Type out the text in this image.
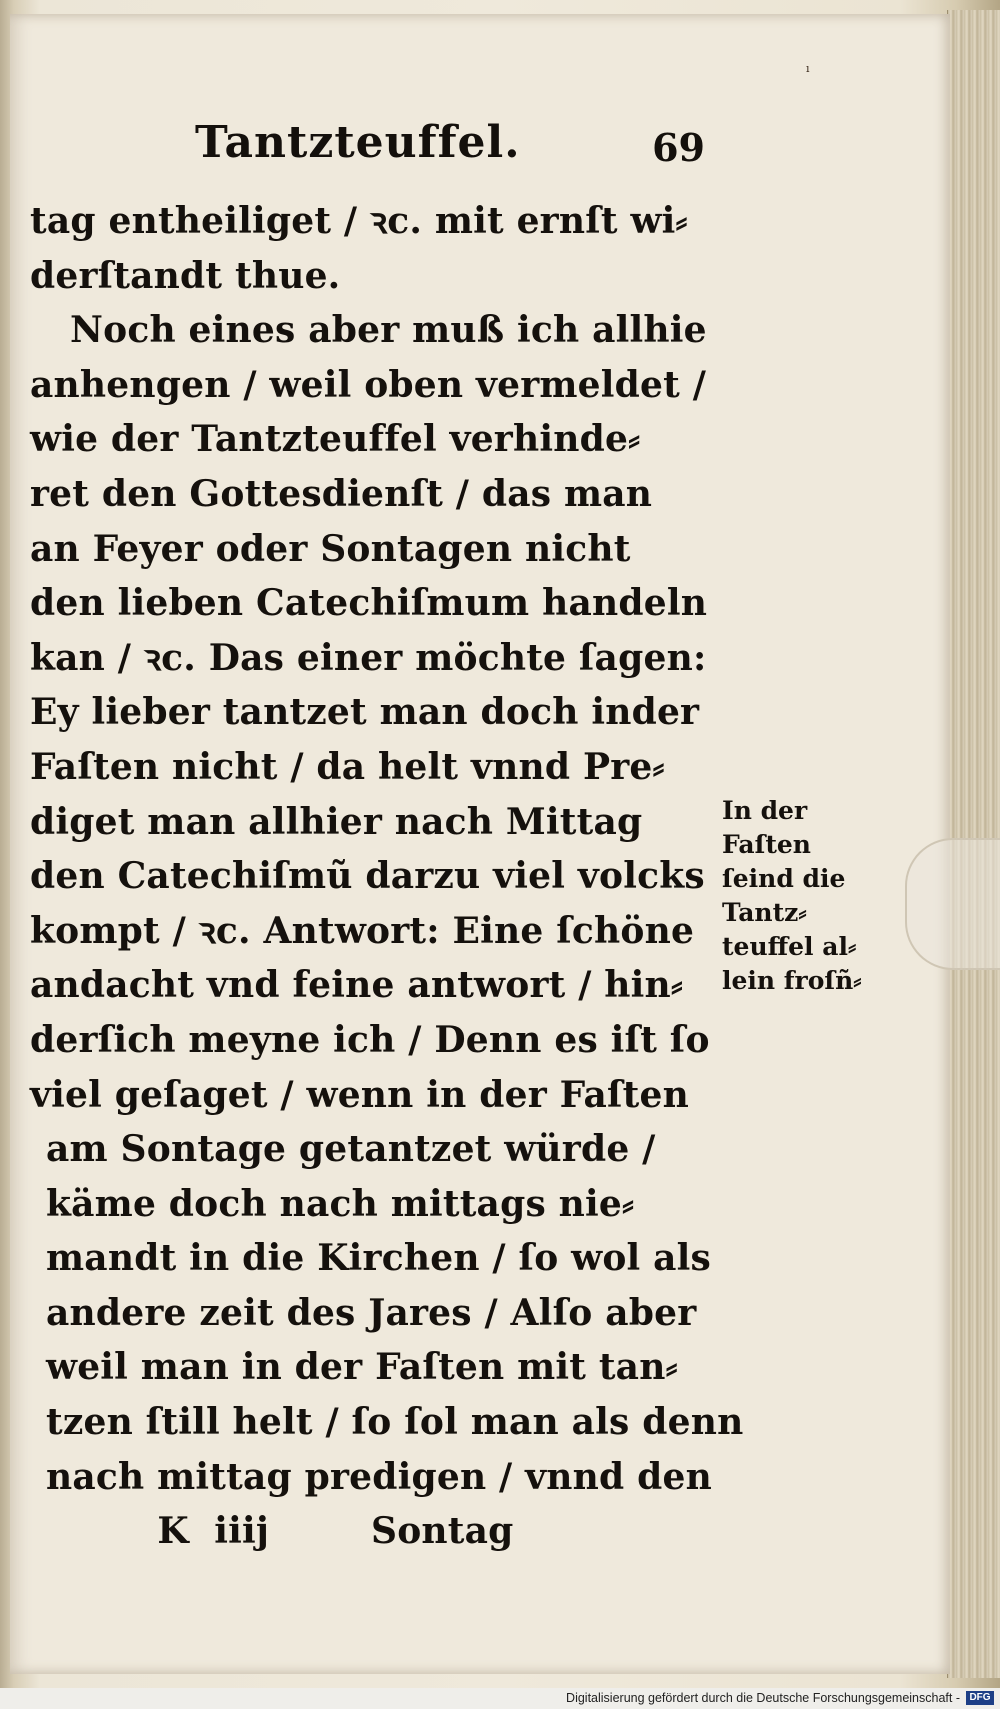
ı
Tantzteuffel.	69
tag entheiliget / ꝛc. mit ernſt wi⸗
derſtandt thue.
Noch eines aber muß ich allhie
anhengen / weil oben vermeldet /
wie der Tantzteuffel verhinde⸗
ret den Gottesdienſt / das man
an Feyer oder Sontagen nicht
den lieben Catechiſmum handeln
kan / ꝛc. Das einer möchte ſagen:
Ey lieber tantzet man doch inder
Faſten nicht / da helt vnnd Pre⸗
diget man allhier nach Mittag
den Catechiſmũ darzu viel volcks
kompt / ꝛc. Antwort: Eine ſchöne
andacht vnd feine antwort / hin⸗
derſich meyne ich / Denn es iſt ſo
viel geſaget / wenn in der Faſten
am Sontage getantzet würde /
käme doch nach mittags nie⸗
mandt in die Kirchen / ſo wol als
andere zeit des Jares / Alſo aber
weil man in der Faſten mit tan⸗
tzen ſtill helt / ſo ſol man als denn
nach mittag predigen / vnnd den
K  iiij        Sontag
In der
Faſten
ſeind die
Tantz⸗
teuffel al⸗
lein froſñ⸗
Digitalisierung gefördert durch die Deutsche Forschungsgemeinschaft - DFG
